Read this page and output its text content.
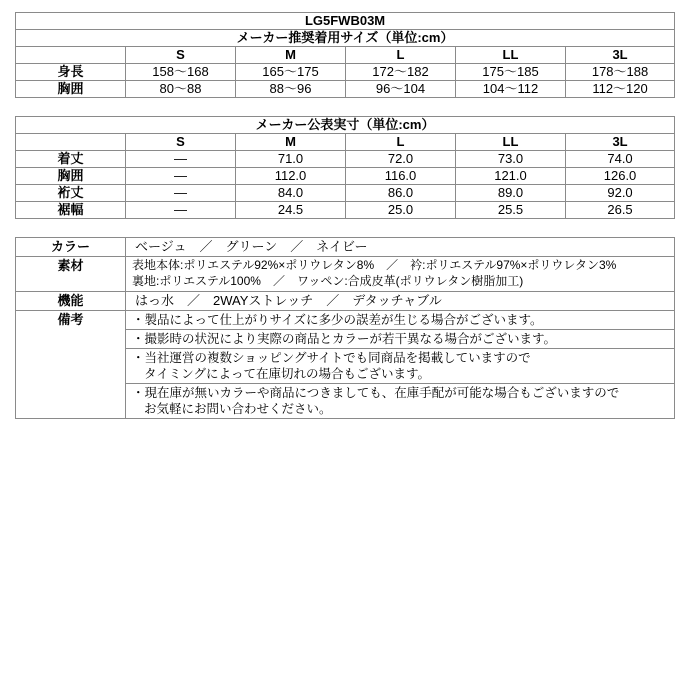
LG5FWB03M					
メーカー推奨着用サイズ（単位:cm）					
	S	M	L	LL	3L
身長	158～168	165～175	172～182	175～185	178～188
胸囲	80～88	88～96	96～104	104～112	112～120
メーカー公表実寸（単位:cm）					
	S	M	L	LL	3L
着丈	―	71.0	72.0	73.0	74.0
胸囲	―	112.0	116.0	121.0	126.0
裄丈	―	84.0	86.0	89.0	92.0
裾幅	―	24.5	25.0	25.5	26.5
カラー	ベージュ　／　グリーン　／　ネイビー
素材	表地本体:ポリエステル92%×ポリウレタン8%　／　衿:ポリエステル97%×ポリウレタン3%
裏地:ポリエステル100%　／　ワッペン:合成皮革(ポリウレタン樹脂加工)

機能	はっ水　／　2WAYストレッチ　／　デタッチャブル
備考	・製品によって仕上がりサイズに多少の誤差が生じる場合がございます。

	・撮影時の状況により実際の商品とカラーが若干異なる場合がございます。

	・当社運営の複数ショッピングサイトでも同商品を掲載していますので
タイミングによって在庫切れの場合もございます。

	・現在庫が無いカラーや商品につきましても、在庫手配が可能な場合もございますので
お気軽にお問い合わせください。
